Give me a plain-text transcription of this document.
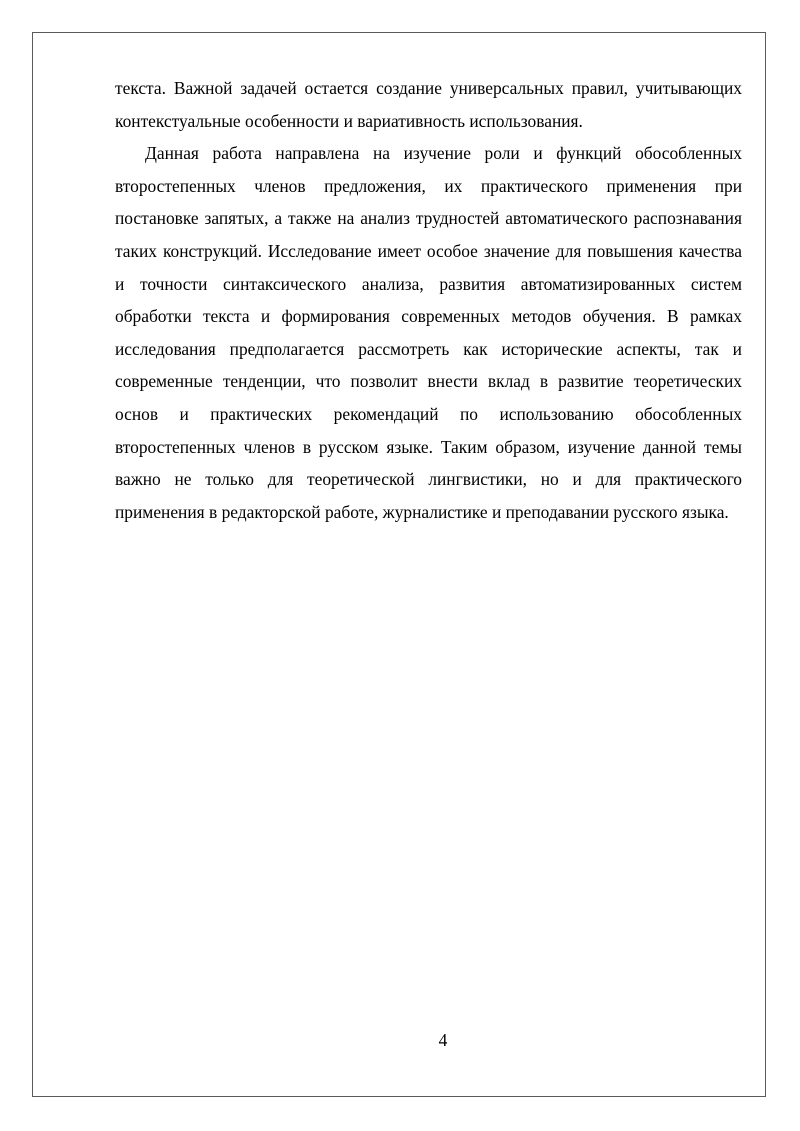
текста. Важной задачей остается создание универсальных правил, учитывающих контекстуальные особенности и вариативность использования.

Данная работа направлена на изучение роли и функций обособленных второстепенных членов предложения, их практического применения при постановке запятых, а также на анализ трудностей автоматического распознавания таких конструкций. Исследование имеет особое значение для повышения качества и точности синтаксического анализа, развития автоматизированных систем обработки текста и формирования современных методов обучения. В рамках исследования предполагается рассмотреть как исторические аспекты, так и современные тенденции, что позволит внести вклад в развитие теоретических основ и практических рекомендаций по использованию обособленных второстепенных членов в русском языке. Таким образом, изучение данной темы важно не только для теоретической лингвистики, но и для практического применения в редакторской работе, журналистике и преподавании русского языка.

4
